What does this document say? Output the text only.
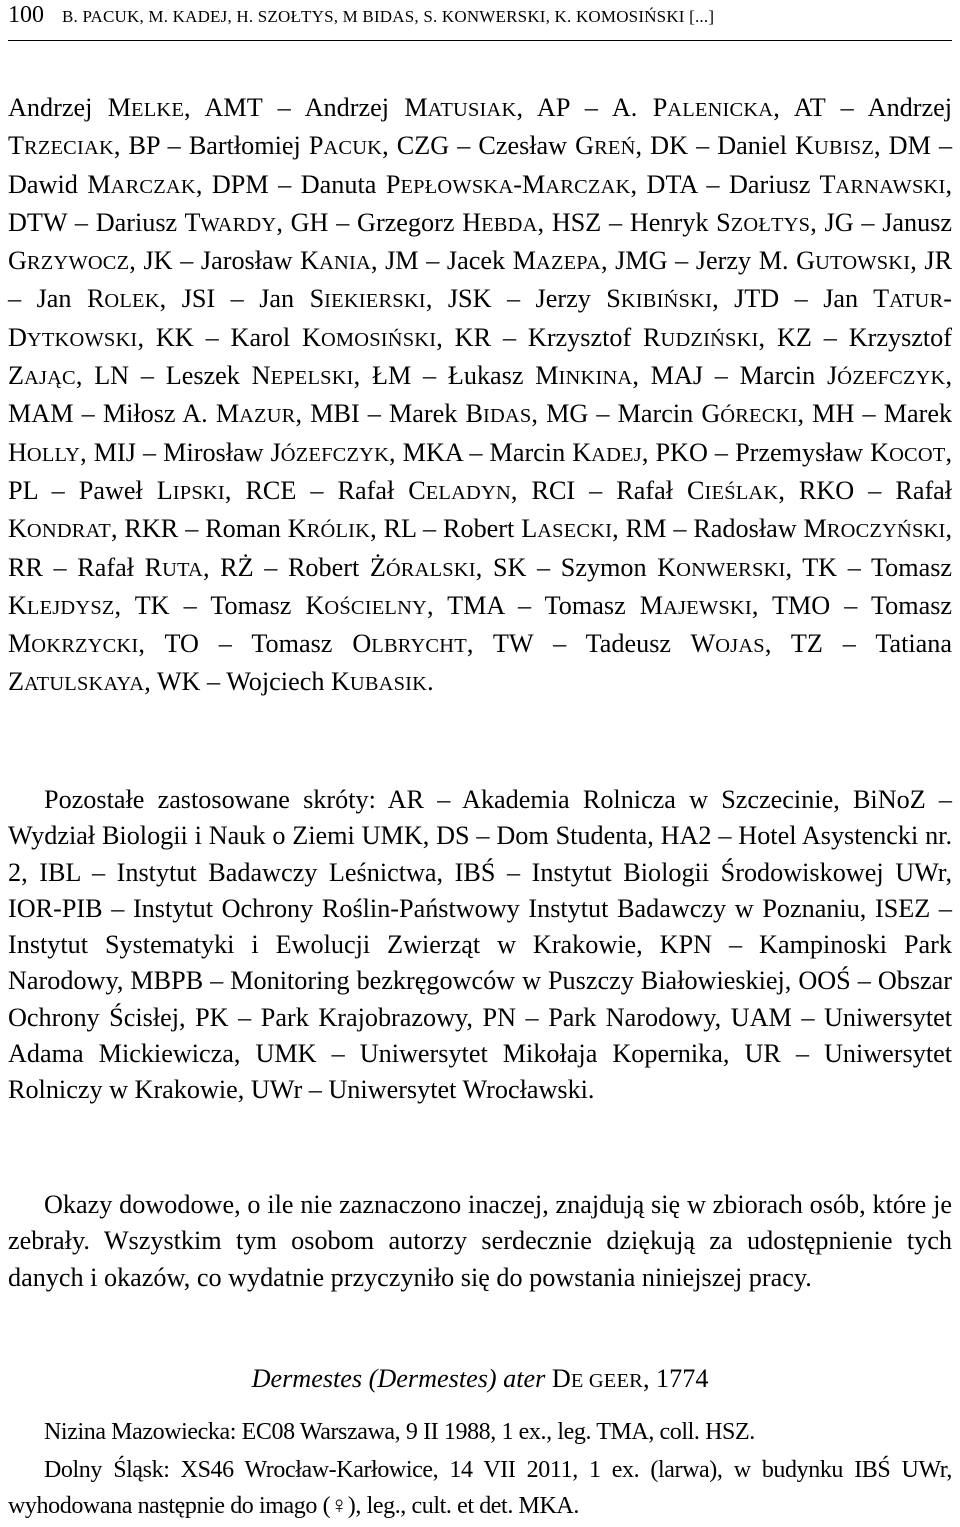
100 B. PACUK, M. KADEJ, H. SZOŁTYS, M BIDAS, S. KONWERSKI, K. KOMOSIŃSKI [...]

Andrzej MELKE, AMT – Andrzej MATUSIAK, AP – A. PALENICKA, AT – Andrzej TRZECIAK, BP – Bartłomiej PACUK, CZG – Czesław GREŃ, DK – Daniel KUBISZ, DM – Dawid MARCZAK, DPM – Danuta PEPŁOWSKA-MARCZAK, DTA – Dariusz TARNAWSKI, DTW – Dariusz TWARDY, GH – Grzegorz HEBDA, HSZ – Henryk SZOŁTYS, JG – Janusz GRZYWOCZ, JK – Jarosław KANIA, JM – Jacek MAZEPA, JMG – Jerzy M. GUTOWSKI, JR – Jan ROLEK, JSI – Jan SIEKIERSKI, JSK – Jerzy SKIBIŃSKI, JTD – Jan TATUR-DYTKOWSKI, KK – Karol KOMOSIŃSKI, KR – Krzysztof RUDZIŃSKI, KZ – Krzysztof ZAJĄC, LN – Leszek NEPELSKI, ŁM – Łukasz MINKINA, MAJ – Marcin JÓZEFCZYK, MAM – Miłosz A. MAZUR, MBI – Marek BIDAS, MG – Marcin GÓRECKI, MH – Marek HOLLY, MIJ – Mirosław JÓZEFCZYK, MKA – Marcin KADEJ, PKO – Przemysław KOCOT, PL – Paweł LIPSKI, RCE – Rafał CELADYN, RCI – Rafał CIEŚLAK, RKO – Rafał KONDRAT, RKR – Roman KRÓLIK, RL – Robert LASECKI, RM – Radosław MROCZYŃSKI, RR – Rafał RUTA, RŻ – Robert ŻÓRALSKI, SK – Szymon KONWERSKI, TK – Tomasz KLEJDYSZ, TK – Tomasz KOŚCIELNY, TMA – Tomasz MAJEWSKI, TMO – Tomasz MOKRZYCKI, TO – Tomasz OLBRYCHT, TW – Tadeusz WOJAS, TZ – Tatiana ZATULSKAYA, WK – Wojciech KUBASIK.

Pozostałe zastosowane skróty: AR – Akademia Rolnicza w Szczecinie, BiNoZ – Wydział Biologii i Nauk o Ziemi UMK, DS – Dom Studenta, HA2 – Hotel Asystencki nr. 2, IBL – Instytut Badawczy Leśnictwa, IBŚ – Instytut Biologii Środowiskowej UWr, IOR-PIB – Instytut Ochrony Roślin-Państwowy Instytut Badawczy w Poznaniu, ISEZ – Instytut Systematyki i Ewolucji Zwierząt w Krakowie, KPN – Kampinoski Park Narodowy, MBPB – Monitoring bezkręgowców w Puszczy Białowieskiej, OOŚ – Obszar Ochrony Ścisłej, PK – Park Krajobrazowy, PN – Park Narodowy, UAM – Uniwersytet Adama Mickiewicza, UMK – Uniwersytet Mikołaja Kopernika, UR – Uniwersytet Rolniczy w Krakowie, UWr – Uniwersytet Wrocławski.

Okazy dowodowe, o ile nie zaznaczono inaczej, znajdują się w zbiorach osób, które je zebrały. Wszystkim tym osobom autorzy serdecznie dziękują za udostępnienie tych danych i okazów, co wydatnie przyczyniło się do powstania niniejszej pracy.

Dermestes (Dermestes) ater DE GEER, 1774

Nizina Mazowiecka: EC08 Warszawa, 9 II 1988, 1 ex., leg. TMA, coll. HSZ.

Dolny Śląsk: XS46 Wrocław-Karłowice, 14 VII 2011, 1 ex. (larwa), w budynku IBŚ UWr, wyhodowana następnie do imago (♀), leg., cult. et det. MKA.
